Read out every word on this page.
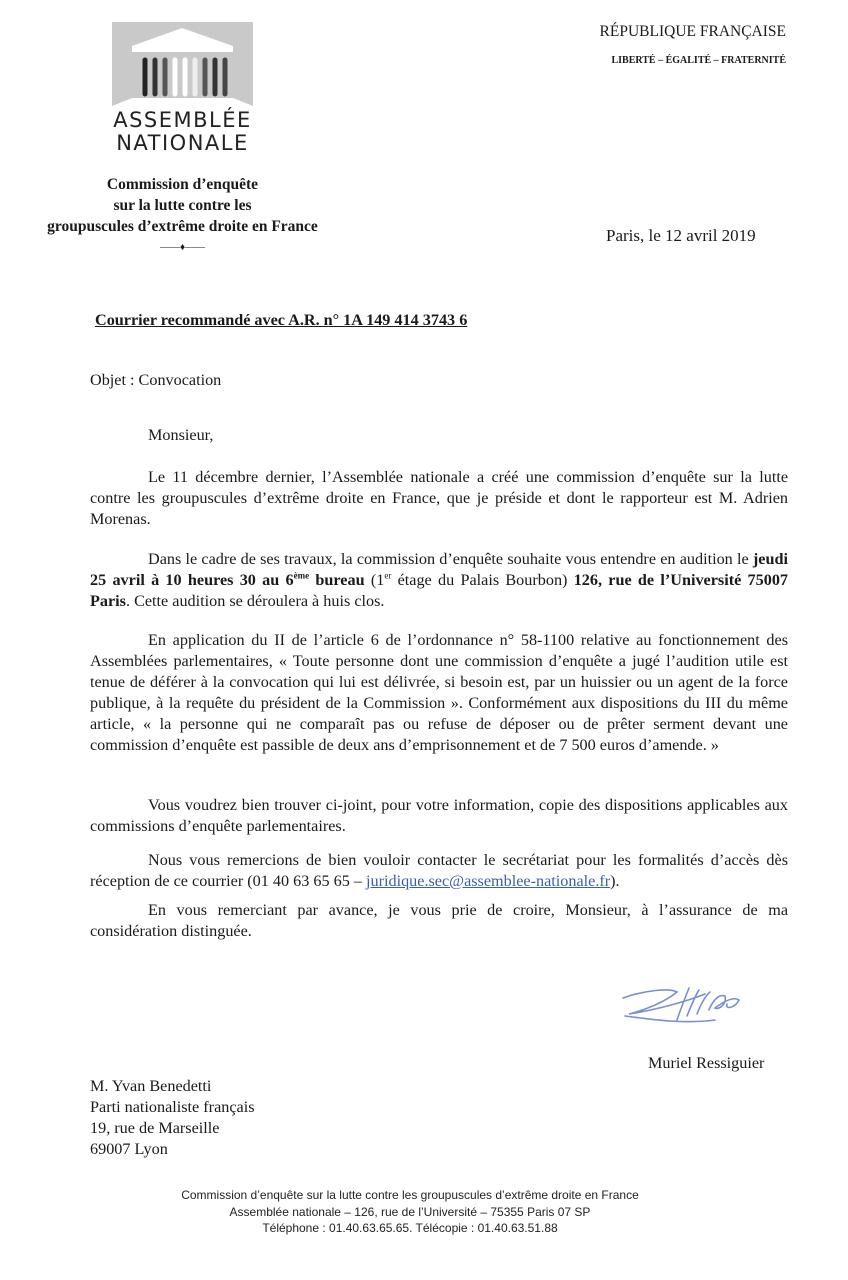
ASSEMBLÉE
NATIONALE
Commission d’enquête
sur la lutte contre les
groupuscules d’extrême droite en France
——♦——
RÉPUBLIQUE FRANÇAISE
LIBERTÉ – ÉGALITÉ – FRATERNITÉ
Paris, le 12 avril 2019
Courrier recommandé avec A.R. n° 1A 149 414 3743 6
Objet : Convocation
Monsieur,

Le 11 décembre dernier, l’Assemblée nationale a créé une commission d’enquête sur la lutte contre les groupuscules d’extrême droite en France, que je préside et dont le rapporteur est M. Adrien Morenas.

Dans le cadre de ses travaux, la commission d’enquête souhaite vous entendre en audition le jeudi 25 avril à 10 heures 30 au 6ème bureau (1er étage du Palais Bourbon) 126, rue de l’Université 75007 Paris. Cette audition se déroulera à huis clos.

En application du II de l’article 6 de l’ordonnance n° 58-1100 relative au fonctionnement des Assemblées parlementaires, « Toute personne dont une commission d’enquête a jugé l’audition utile est tenue de déférer à la convocation qui lui est délivrée, si besoin est, par un huissier ou un agent de la force publique, à la requête du président de la Commission ». Conformément aux dispositions du III du même article, « la personne qui ne comparaît pas ou refuse de déposer ou de prêter serment devant une commission d’enquête est passible de deux ans d’emprisonnement et de 7 500 euros d’amende. »

Vous voudrez bien trouver ci-joint, pour votre information, copie des dispositions applicables aux commissions d’enquête parlementaires.

Nous vous remercions de bien vouloir contacter le secrétariat pour les formalités d’accès dès réception de ce courrier (01 40 63 65 65 – juridique.sec@assemblee-nationale.fr).

En vous remerciant par avance, je vous prie de croire, Monsieur, à l’assurance de ma considération distinguée.

Muriel Ressiguier
M. Yvan Benedetti
Parti nationaliste français
19, rue de Marseille
69007 Lyon
Commission d’enquête sur la lutte contre les groupuscules d’extrême droite en France
Assemblée nationale – 126, rue de l’Université – 75355 Paris 07 SP
Téléphone : 01.40.63.65.65. Télécopie : 01.40.63.51.88
